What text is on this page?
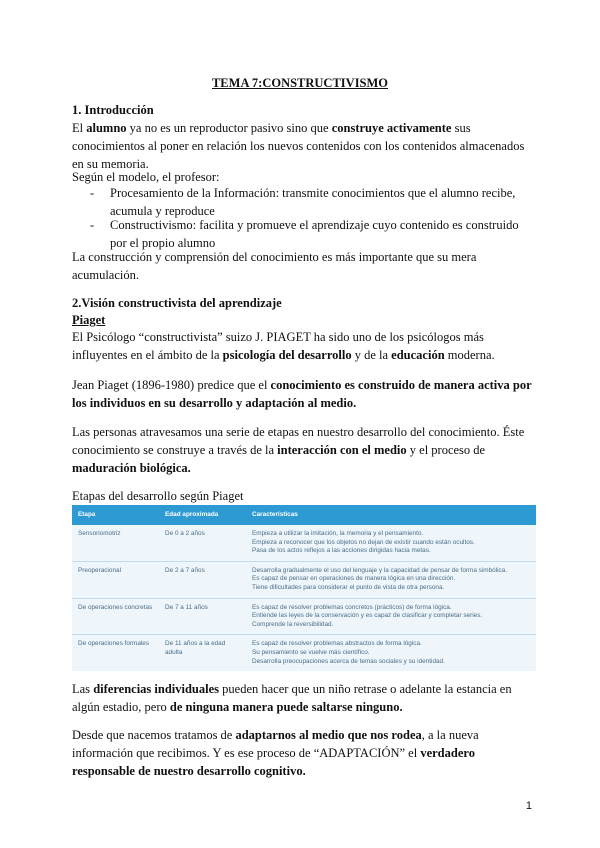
TEMA 7:CONSTRUCTIVISMO
1. Introducción

El alumno ya no es un reproductor pasivo sino que construye activamente sus conocimientos al poner en relación los nuevos contenidos con los contenidos almacenados en su memoria.

Según el modelo, el profesor:

- Procesamiento de la Información: transmite conocimientos que el alumno recibe, acumula y reproduce
- Constructivismo: facilita y promueve el aprendizaje cuyo contenido es construido por el propio alumno

La construcción y comprensión del conocimiento es más importante que su mera acumulación.

2.Visión constructivista del aprendizaje
Piaget

El Psicólogo “constructivista” suizo J. PIAGET ha sido uno de los psicólogos más influyentes en el ámbito de la psicología del desarrollo y de la educación moderna.

Jean Piaget (1896-1980) predice que el conocimiento es construido de manera activa por los individuos en su desarrollo y adaptación al medio.

Las personas atravesamos una serie de etapas en nuestro desarrollo del conocimiento. Éste conocimiento se construye a través de la interacción con el medio y el proceso de maduración biológica.

Etapas del desarrollo según Piaget
Etapa	Edad aproximada	Características
Sensoriomotriz	De 0 a 2 años	Empieza a utilizar la imitación, la memoria y el pensamiento.
Empieza a reconocer que los objetos no dejan de existir cuando están ocultos.
Pasa de los actos reflejos a las acciones dirigidas hacia metas.
Preoperacional	De 2 a 7 años	Desarrolla gradualmente el uso del lenguaje y la capacidad de pensar de forma simbólica.
Es capaz de pensar en operaciones de manera lógica en una dirección.
Tiene dificultades para considerar el punto de vista de otra persona.
De operaciones concretas	De 7 a 11 años	Es capaz de resolver problemas concretos (prácticos) de forma lógica.
Entiende las leyes de la conservación y es capaz de clasificar y completar series.
Comprende la reversibilidad.
De operaciones formales	De 11 años a la edad adulta	Es capaz de resolver problemas abstractos de forma lógica.
Su pensamiento se vuelve más científico.
Desarrolla preocupaciones acerca de temas sociales y su identidad.

Las diferencias individuales pueden hacer que un niño retrase o adelante la estancia en algún estadio, pero de ninguna manera puede saltarse ninguno.

Desde que nacemos tratamos de adaptarnos al medio que nos rodea, a la nueva información que recibimos. Y es ese proceso de “ADAPTACIÓN” el verdadero responsable de nuestro desarrollo cognitivo.

1
